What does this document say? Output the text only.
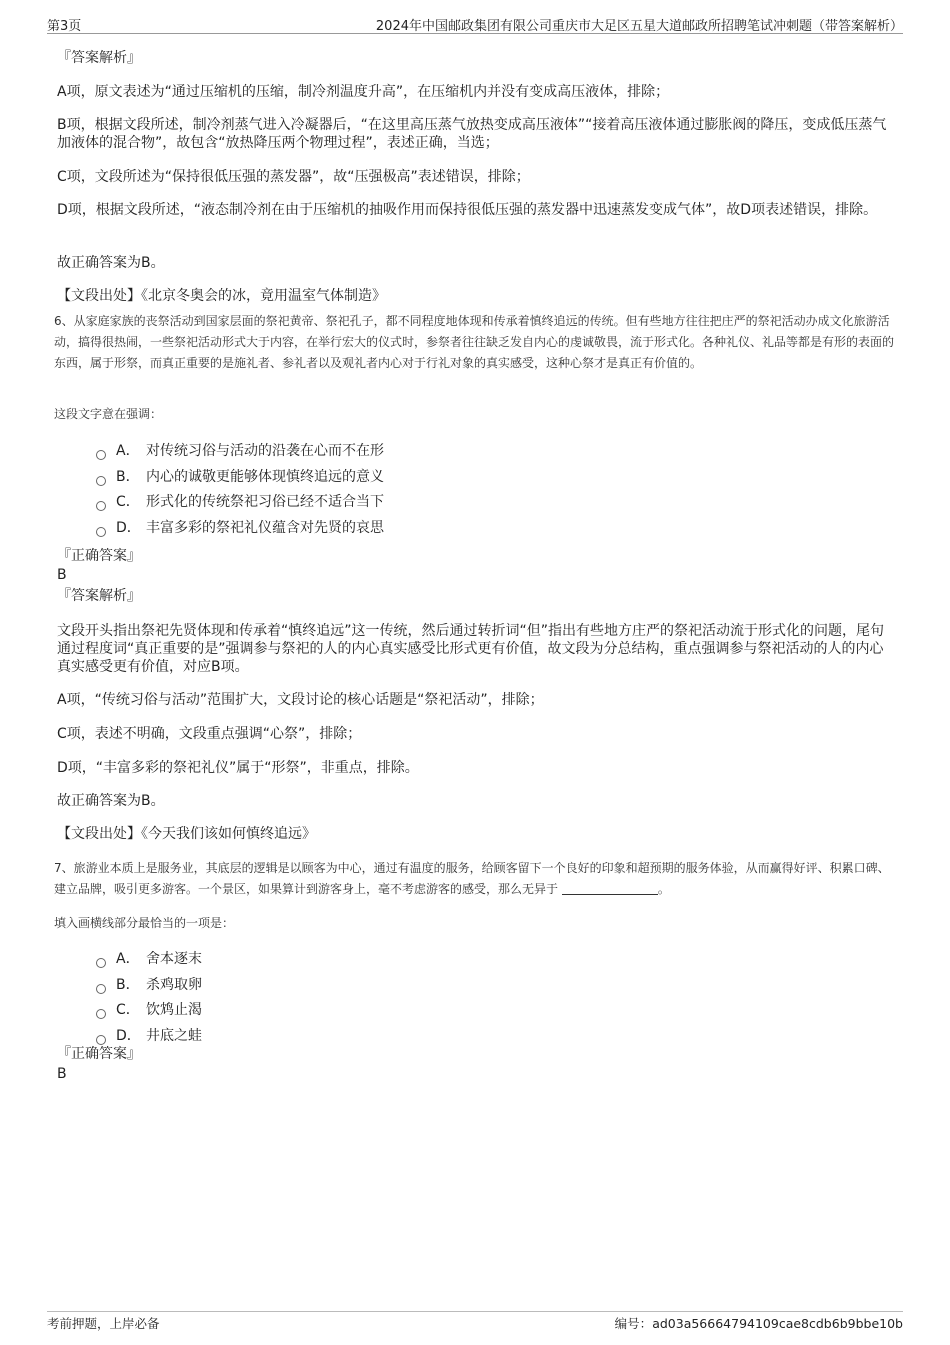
第3页	2024年中国邮政集团有限公司重庆市大足区五星大道邮政所招聘笔试冲刺题（带答案解析）
『答案解析』
A项，原文表述为“通过压缩机的压缩，制冷剂温度升高”，在压缩机内并没有变成高压液体，排除；
B项，根据文段所述，制冷剂蒸气进入冷凝器后，“在这里高压蒸气放热变成高压液体”“接着高压液体通过膨胀阀的降压，变成低压蒸气加液体的混合物”，故包含“放热降压两个物理过程”，表述正确，当选；
C项，文段所述为“保持很低压强的蒸发器”，故“压强极高”表述错误，排除；
D项，根据文段所述，“液态制冷剂在由于压缩机的抽吸作用而保持很低压强的蒸发器中迅速蒸发变成气体”，故D项表述错误，排除。
故正确答案为B。
【文段出处】《北京冬奥会的冰，竟用温室气体制造》
6、从家庭家族的丧祭活动到国家层面的祭祀黄帝、祭祀孔子，都不同程度地体现和传承着慎终追远的传统。但有些地方往往把庄严的祭祀活动办成文化旅游活动，搞得很热闹，一些祭祀活动形式大于内容，在举行宏大的仪式时，参祭者往往缺乏发自内心的虔诚敬畏，流于形式化。各种礼仪、礼品等都是有形的表面的东西，属于形祭，而真正重要的是施礼者、参礼者以及观礼者内心对于行礼对象的真实感受，这种心祭才是真正有价值的。
这段文字意在强调：
A． 对传统习俗与活动的沿袭在心而不在形
B． 内心的诚敬更能够体现慎终追远的意义
C． 形式化的传统祭祀习俗已经不适合当下
D． 丰富多彩的祭祀礼仪蕴含对先贤的哀思
『正确答案』
B
『答案解析』
文段开头指出祭祀先贤体现和传承着“慎终追远”这一传统，然后通过转折词“但”指出有些地方庄严的祭祀活动流于形式化的问题，尾句通过程度词“真正重要的是”强调参与祭祀的人的内心真实感受比形式更有价值，故文段为分总结构，重点强调参与祭祀活动的人的内心真实感受更有价值，对应B项。
A项，“传统习俗与活动”范围扩大，文段讨论的核心话题是“祭祀活动”，排除；
C项，表述不明确，文段重点强调“心祭”，排除；
D项，“丰富多彩的祭祀礼仪”属于“形祭”，非重点，排除。
故正确答案为B。
【文段出处】《今天我们该如何慎终追远》
7、旅游业本质上是服务业，其底层的逻辑是以顾客为中心，通过有温度的服务，给顾客留下一个良好的印象和超预期的服务体验，从而赢得好评、积累口碑、建立品牌，吸引更多游客。一个景区，如果算计到游客身上，毫不考虑游客的感受，那么无异于	。
填入画横线部分最恰当的一项是：
A． 舍本逐末
B． 杀鸡取卵
C． 饮鸩止渴
D． 井底之蛙
『正确答案』
B
考前押题，上岸必备	编号：ad03a56664794109cae8cdb6b9bbe10b
